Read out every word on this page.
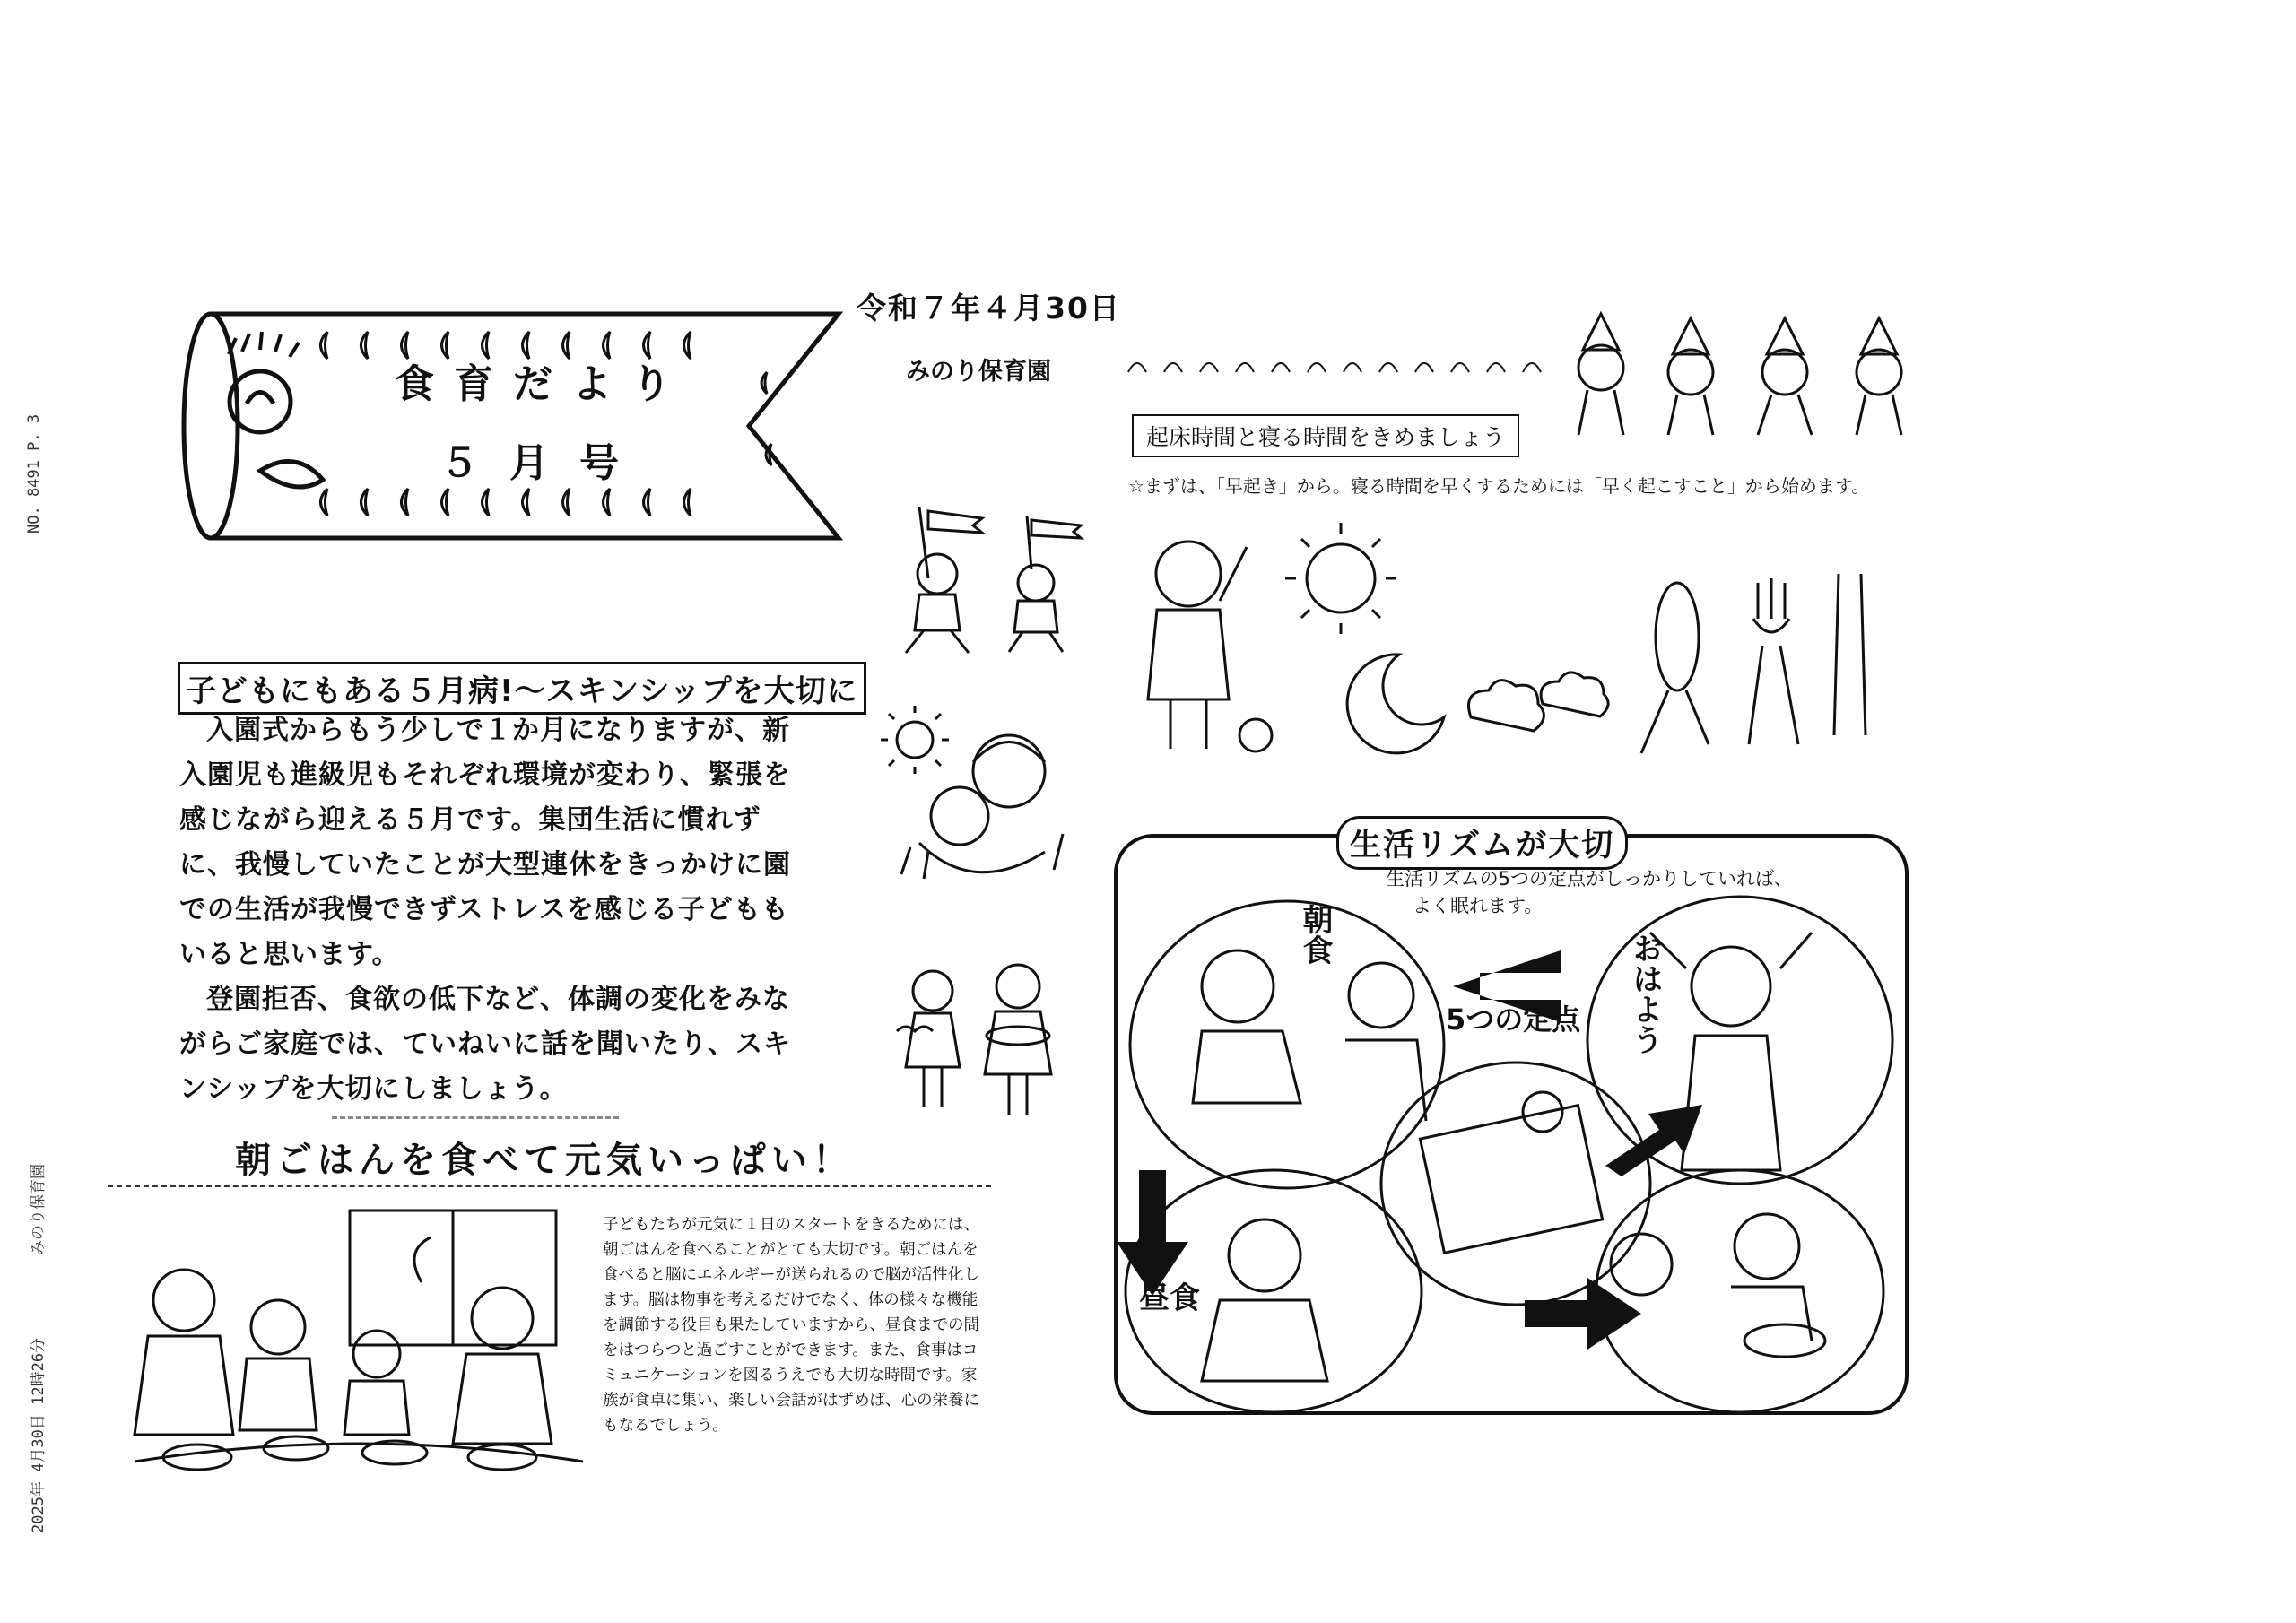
NO. 8491 P. 3
みのり保育園
2025年 4月30日 12時26分
令和７年４月30日
みのり保育園
食育だより
５月号
子どもにもある５月病!～スキンシップを大切に

入園式からもう少しで１か月になりますが、新入園児も進級児もそれぞれ環境が変わり、緊張を感じながら迎える５月です。集団生活に慣れずに、我慢していたことが大型連休をきっかけに園での生活が我慢できずストレスを感じる子どももいると思います。

登園拒否、食欲の低下など、体調の変化をみながらご家庭では、ていねいに話を聞いたり、スキンシップを大切にしましょう。

朝ごはんを食べて元気いっぱい！
子どもたちが元気に１日のスタートをきるためには、朝ごはんを食べることがとても大切です。朝ごはんを食べると脳にエネルギーが送られるので脳が活性化します。脳は物事を考えるだけでなく、体の様々な機能を調節する役目も果たしていますから、昼食までの間をはつらつと過ごすことができます。また、食事はコミュニケーションを図るうえでも大切な時間です。家族が食卓に集い、楽しい会話がはずめば、心の栄養にもなるでしょう。
起床時間と寝る時間をきめましょう
☆まずは、「早起き」から。寝る時間を早くするためには「早く起こすこと」から始めます。
生活リズムが大切
生活リズムの5つの定点がしっかりしていれば、
よく眠れます。
5つの定点
朝食	おはよう
昼食
